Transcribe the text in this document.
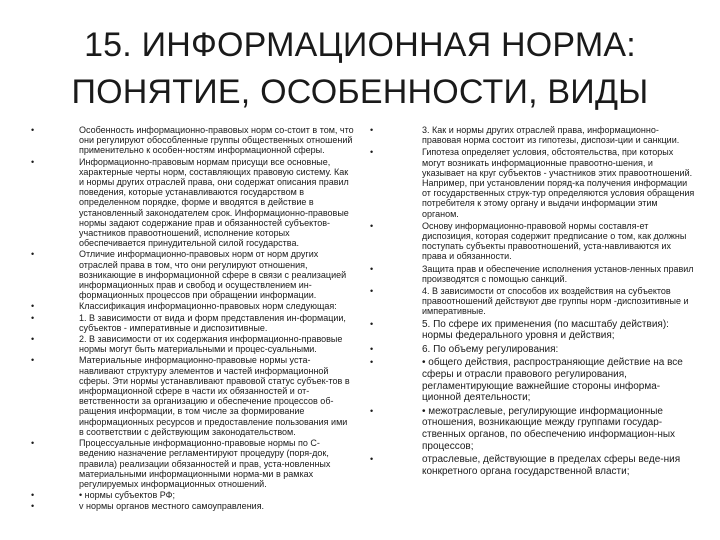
15. ИНФОРМАЦИОННАЯ НОРМА:
ПОНЯТИЕ, ОСОБЕННОСТИ, ВИДЫ
•	Особенность информационно-правовых норм со-стоит в том, что они регулируют обособленные группы общественных отношений применительно к особен-ностям информационной сферы.
•	Информационно-правовым нормам присущи все основные, характерные черты норм, составляющих правовую систему. Как и нормы других отраслей права, они содержат описания правил поведения, которые устанавливаются государством в определенном порядке, форме и вводятся в действие в установленный законодателем срок. Информационно-правовые нормы задают содержание прав и обязанностей субъектов-участников правоотношений, исполнение которых обеспечивается принудительной силой государства.
•	Отличие информационно-правовых норм от норм других отраслей права в том, что они регулируют отношения, возникающие в информационной сфере в связи с реализацией информационных прав и свобод и осуществлением ин-формационных процессов при обращении информации.
•	Классификация информационно-правовых норм следующая:
•	1. В зависимости от вида и форм представления ин-формации, субъектов - императивные и диспозитивные.
•	2. В зависимости от их содержания информационно-правовые нормы могут быть материальными и процес-суальными.
•	Материальные информационно-правовые нормы уста-навливают структуру элементов и частей информационной сферы. Эти нормы устанавливают правовой статус субъек-тов в информационной сфере в части их обязанностей и от-ветственности за организацию и обеспечение процессов об-ращения информации, в том числе за формирование информационных ресурсов и предоставление пользования ими в соответствии с действующим законодательством.
•	Процессуальные информационно-правовые нормы по С-ведению назначение регламентируют процедуру (поря-док, правила) реализации обязанностей и прав, уста-новленных материальными информационными норма-ми в рамках регулируемых информационных отношений.
•	• нормы субъектов РФ;
•	v нормы органов местного самоуправления.
•	3. Как и нормы других отраслей права, информационно-правовая норма состоит из гипотезы, диспози-ции и санкции.
•	Гипотеза определяет условия, обстоятельства, при которых могут возникать информационные правоотно-шения, и указывает на круг субъектов - участников этих правоотношений. Например, при установлении поряд-ка получения информации от государственных струк-тур определяются условия обращения потребителя к этому органу и выдачи информации этим органом.
•	Основу информационно-правовой нормы составля-ет диспозиция, которая содержит предписание о том, как должны поступать субъекты правоотношений, уста-навливаются их права и обязанности.
•	Защита прав и обеспечение исполнения установ-ленных правил производятся с помощью санкций.
•	4. В зависимости от способов их воздействия на субъектов правоотношений действуют две группы норм -диспозитивные и императивные.
•	5. По сфере их применения (по масштабу действия): нормы федерального уровня и действия;
•	6. По объему регулирования:
•	• общего действия, распространяющие действие на все сферы и отрасли правового регулирования, регламентирующие важнейшие стороны информа-ционной деятельности;
•	• межотраслевые, регулирующие информационные отношения, возникающие между группами государ-ственных органов, по обеспечению информацион-ных процессов;
•	отраслевые, действующие в пределах сферы веде-ния конкретного органа государственной власти;
